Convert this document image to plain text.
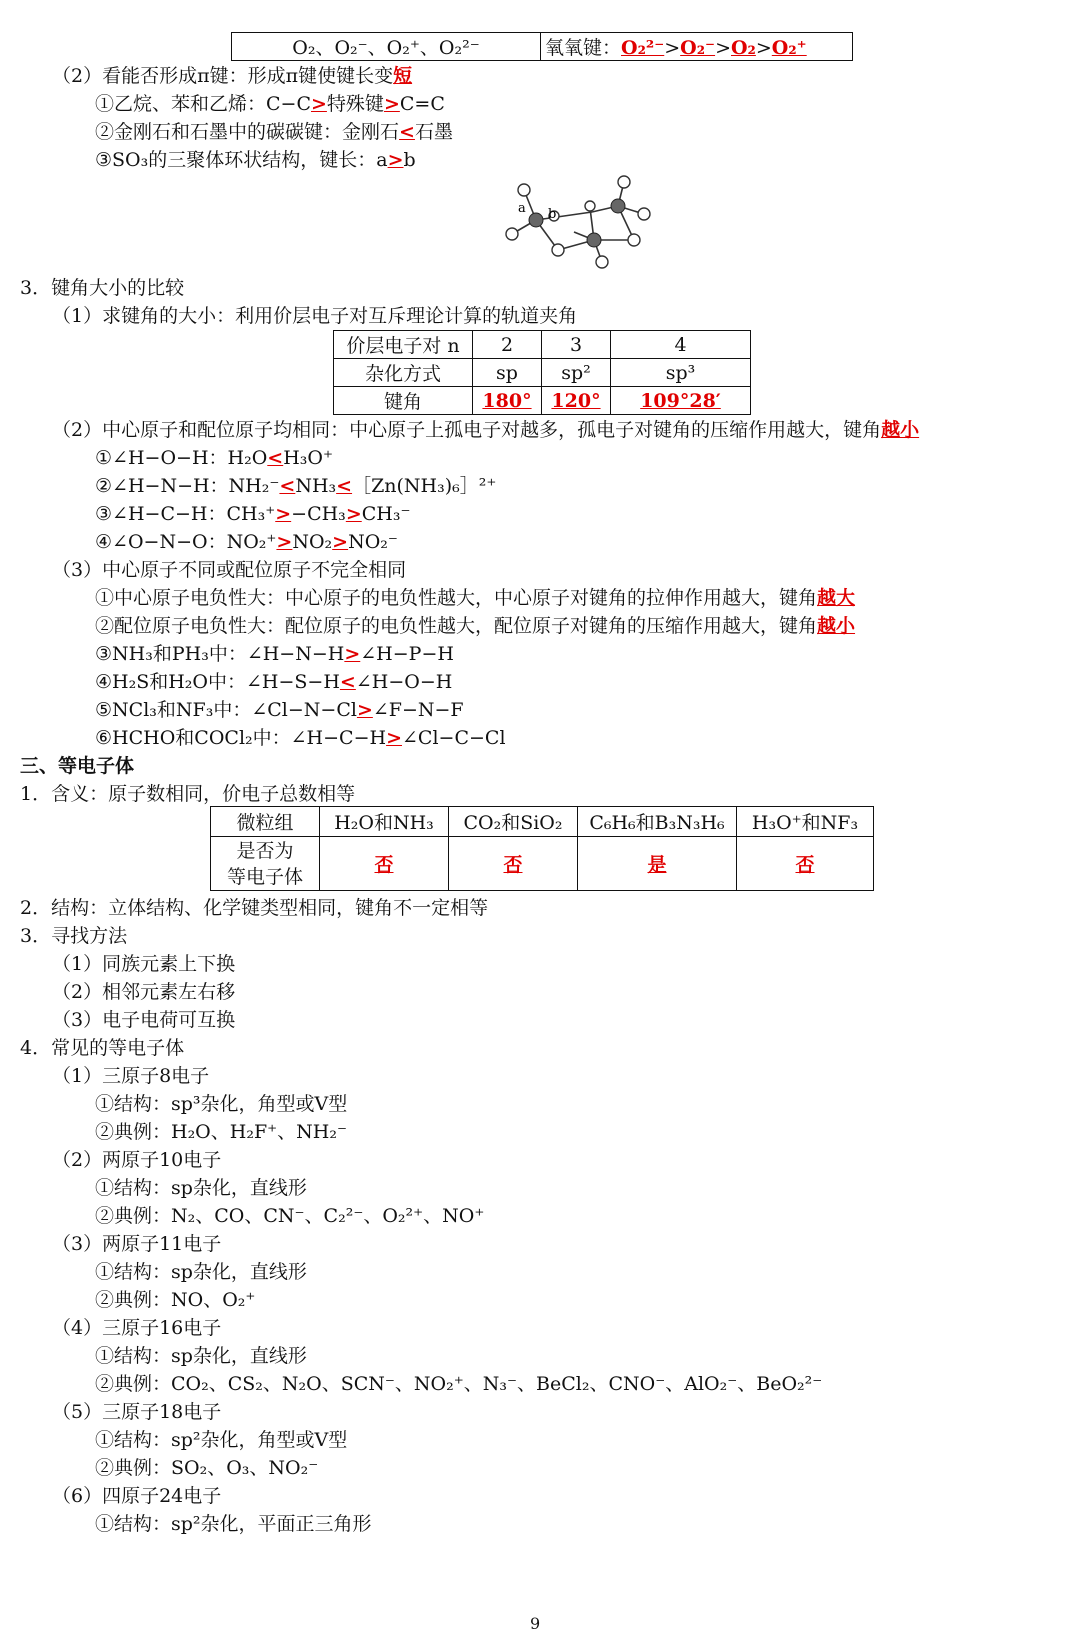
O₂、O₂⁻、O₂⁺、O₂²⁻	氧氧键：O₂²⁻>O₂⁻>O₂>O₂⁺
（2）看能否形成π键：形成π键使键长变短
①乙烷、苯和乙烯：C−C>特殊键>C=C
②金刚石和石墨中的碳碳键：金刚石<石墨
③SO₃的三聚体环状结构，键长：a>b
a b
3．键角大小的比较
（1）求键角的大小：利用价层电子对互斥理论计算的轨道夹角
价层电子对 n	2	3	4
杂化方式	sp	sp²	sp³
键角	180°	120°	109°28′
（2）中心原子和配位原子均相同：中心原子上孤电子对越多，孤电子对键角的压缩作用越大，键角越小
①∠H−O−H：H₂O<H₃O⁺
②∠H−N−H：NH₂⁻<NH₃<［Zn(NH₃)₆］²⁺
③∠H−C−H：CH₃⁺>−CH₃>CH₃⁻
④∠O−N−O：NO₂⁺>NO₂>NO₂⁻
（3）中心原子不同或配位原子不完全相同
①中心原子电负性大：中心原子的电负性越大，中心原子对键角的拉伸作用越大，键角越大
②配位原子电负性大：配位原子的电负性越大，配位原子对键角的压缩作用越大，键角越小
③NH₃和PH₃中：∠H−N−H>∠H−P−H
④H₂S和H₂O中：∠H−S−H<∠H−O−H
⑤NCl₃和NF₃中：∠Cl−N−Cl>∠F−N−F
⑥HCHO和COCl₂中：∠H−C−H>∠Cl−C−Cl
三、等电子体
1．含义：原子数相同，价电子总数相等
微粒组	H₂O和NH₃	CO₂和SiO₂	C₆H₆和B₃N₃H₆	H₃O⁺和NF₃
是否为
等电子体	否	否	是	否
2．结构：立体结构、化学键类型相同，键角不一定相等
3．寻找方法
（1）同族元素上下换
（2）相邻元素左右移
（3）电子电荷可互换
4．常见的等电子体
（1）三原子8电子
①结构：sp³杂化，角型或V型
②典例：H₂O、H₂F⁺、NH₂⁻
（2）两原子10电子
①结构：sp杂化，直线形
②典例：N₂、CO、CN⁻、C₂²⁻、O₂²⁺、NO⁺
（3）两原子11电子
①结构：sp杂化，直线形
②典例：NO、O₂⁺
（4）三原子16电子
①结构：sp杂化，直线形
②典例：CO₂、CS₂、N₂O、SCN⁻、NO₂⁺、N₃⁻、BeCl₂、CNO⁻、AlO₂⁻、BeO₂²⁻
（5）三原子18电子
①结构：sp²杂化，角型或V型
②典例：SO₂、O₃、NO₂⁻
（6）四原子24电子
①结构：sp²杂化，平面正三角形
9
